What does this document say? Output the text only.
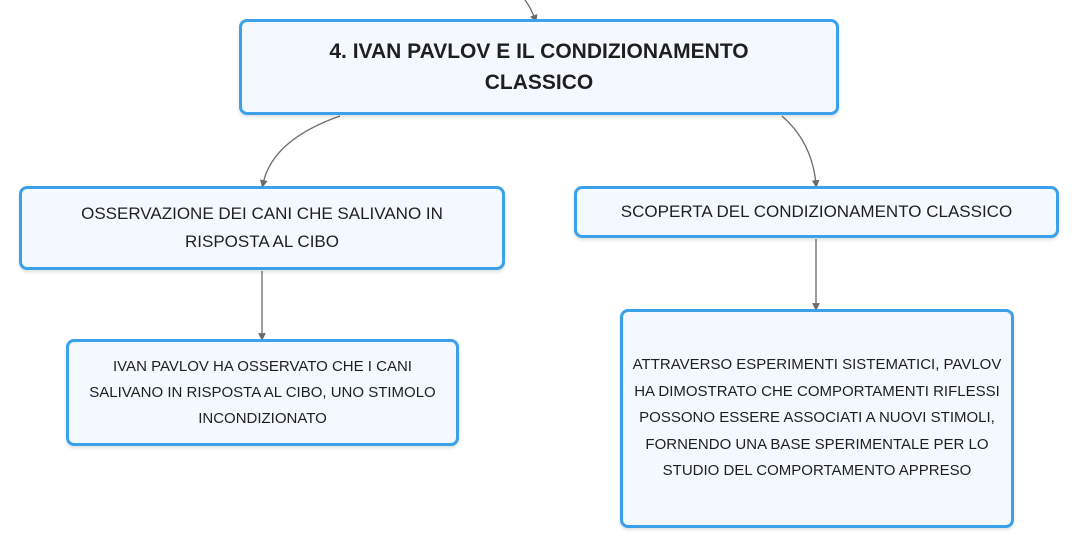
4. IVAN PAVLOV E IL CONDIZIONAMENTO CLASSICO
OSSERVAZIONE DEI CANI CHE SALIVANO IN RISPOSTA AL CIBO
SCOPERTA DEL CONDIZIONAMENTO CLASSICO
IVAN PAVLOV HA OSSERVATO CHE I CANI SALIVANO IN RISPOSTA AL CIBO, UNO STIMOLO INCONDIZIONATO
ATTRAVERSO ESPERIMENTI SISTEMATICI, PAVLOV HA DIMOSTRATO CHE COMPORTAMENTI RIFLESSI POSSONO ESSERE ASSOCIATI A NUOVI STIMOLI, FORNENDO UNA BASE SPERIMENTALE PER LO STUDIO DEL COMPORTAMENTO APPRESO
